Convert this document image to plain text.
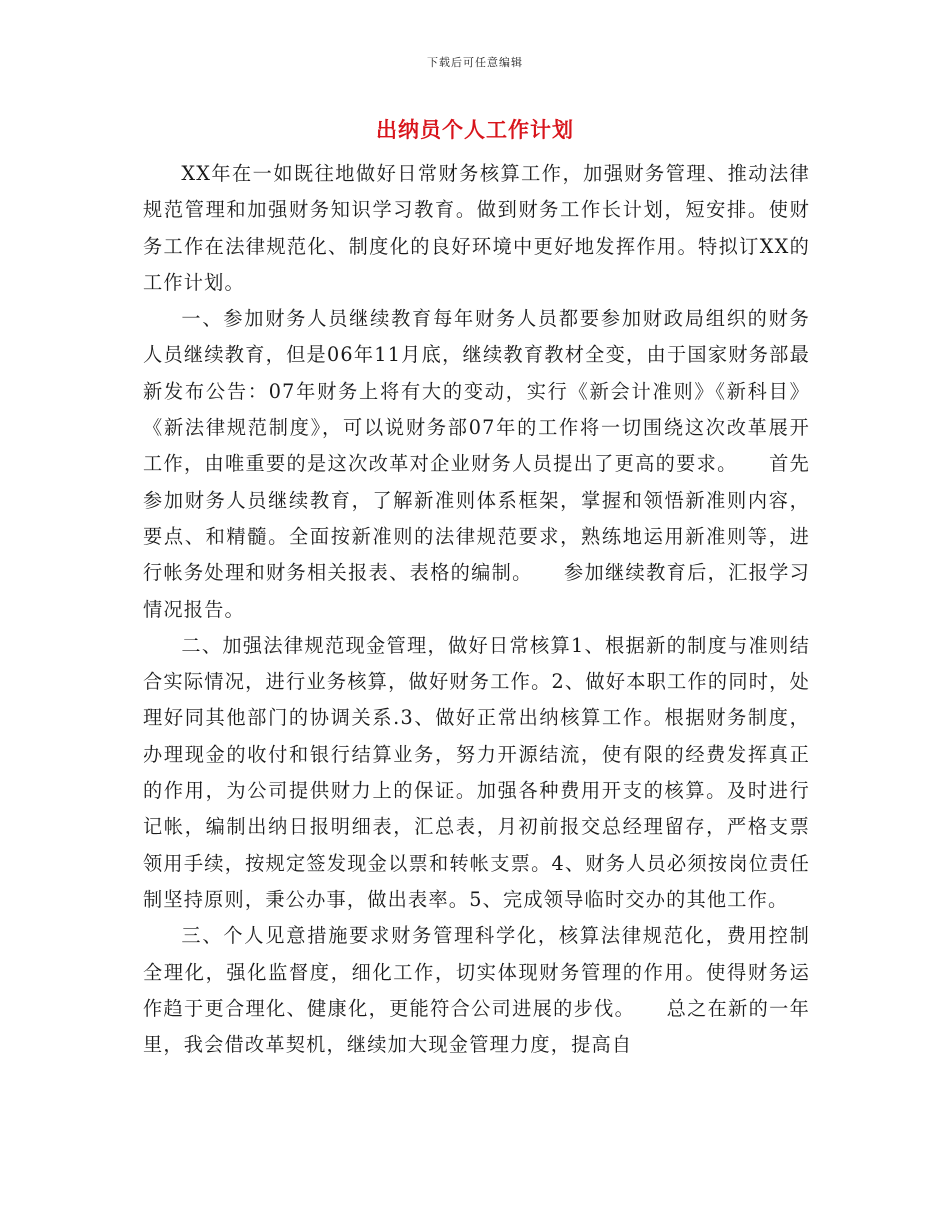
下载后可任意编辑
出纳员个人工作计划

XX年在一如既往地做好日常财务核算工作，加强财务管理、推动法律规范管理和加强财务知识学习教育。做到财务工作长计划，短安排。使财务工作在法律规范化、制度化的良好环境中更好地发挥作用。特拟订XX的工作计划。

一、参加财务人员继续教育每年财务人员都要参加财政局组织的财务人员继续教育，但是06年11月底，继续教育教材全变，由于国家财务部最新发布公告：07年财务上将有大的变动，实行《新会计准则》《新科目》《新法律规范制度》，可以说财务部07年的工作将一切围绕这次改革展开工作，由唯重要的是这次改革对企业财务人员提出了更高的要求。　　首先参加财务人员继续教育，了解新准则体系框架，掌握和领悟新准则内容，要点、和精髓。全面按新准则的法律规范要求，熟练地运用新准则等，进行帐务处理和财务相关报表、表格的编制。　　参加继续教育后，汇报学习情况报告。

二、加强法律规范现金管理，做好日常核算1、根据新的制度与准则结合实际情况，进行业务核算，做好财务工作。2、做好本职工作的同时，处理好同其他部门的协调关系.3、做好正常出纳核算工作。根据财务制度，办理现金的收付和银行结算业务，努力开源结流，使有限的经费发挥真正的作用，为公司提供财力上的保证。加强各种费用开支的核算。及时进行记帐，编制出纳日报明细表，汇总表，月初前报交总经理留存，严格支票领用手续，按规定签发现金以票和转帐支票。4、财务人员必须按岗位责任制坚持原则，秉公办事，做出表率。5、完成领导临时交办的其他工作。

三、个人见意措施要求财务管理科学化，核算法律规范化，费用控制全理化，强化监督度，细化工作，切实体现财务管理的作用。使得财务运作趋于更合理化、健康化，更能符合公司进展的步伐。　　总之在新的一年里，我会借改革契机，继续加大现金管理力度，提高自
